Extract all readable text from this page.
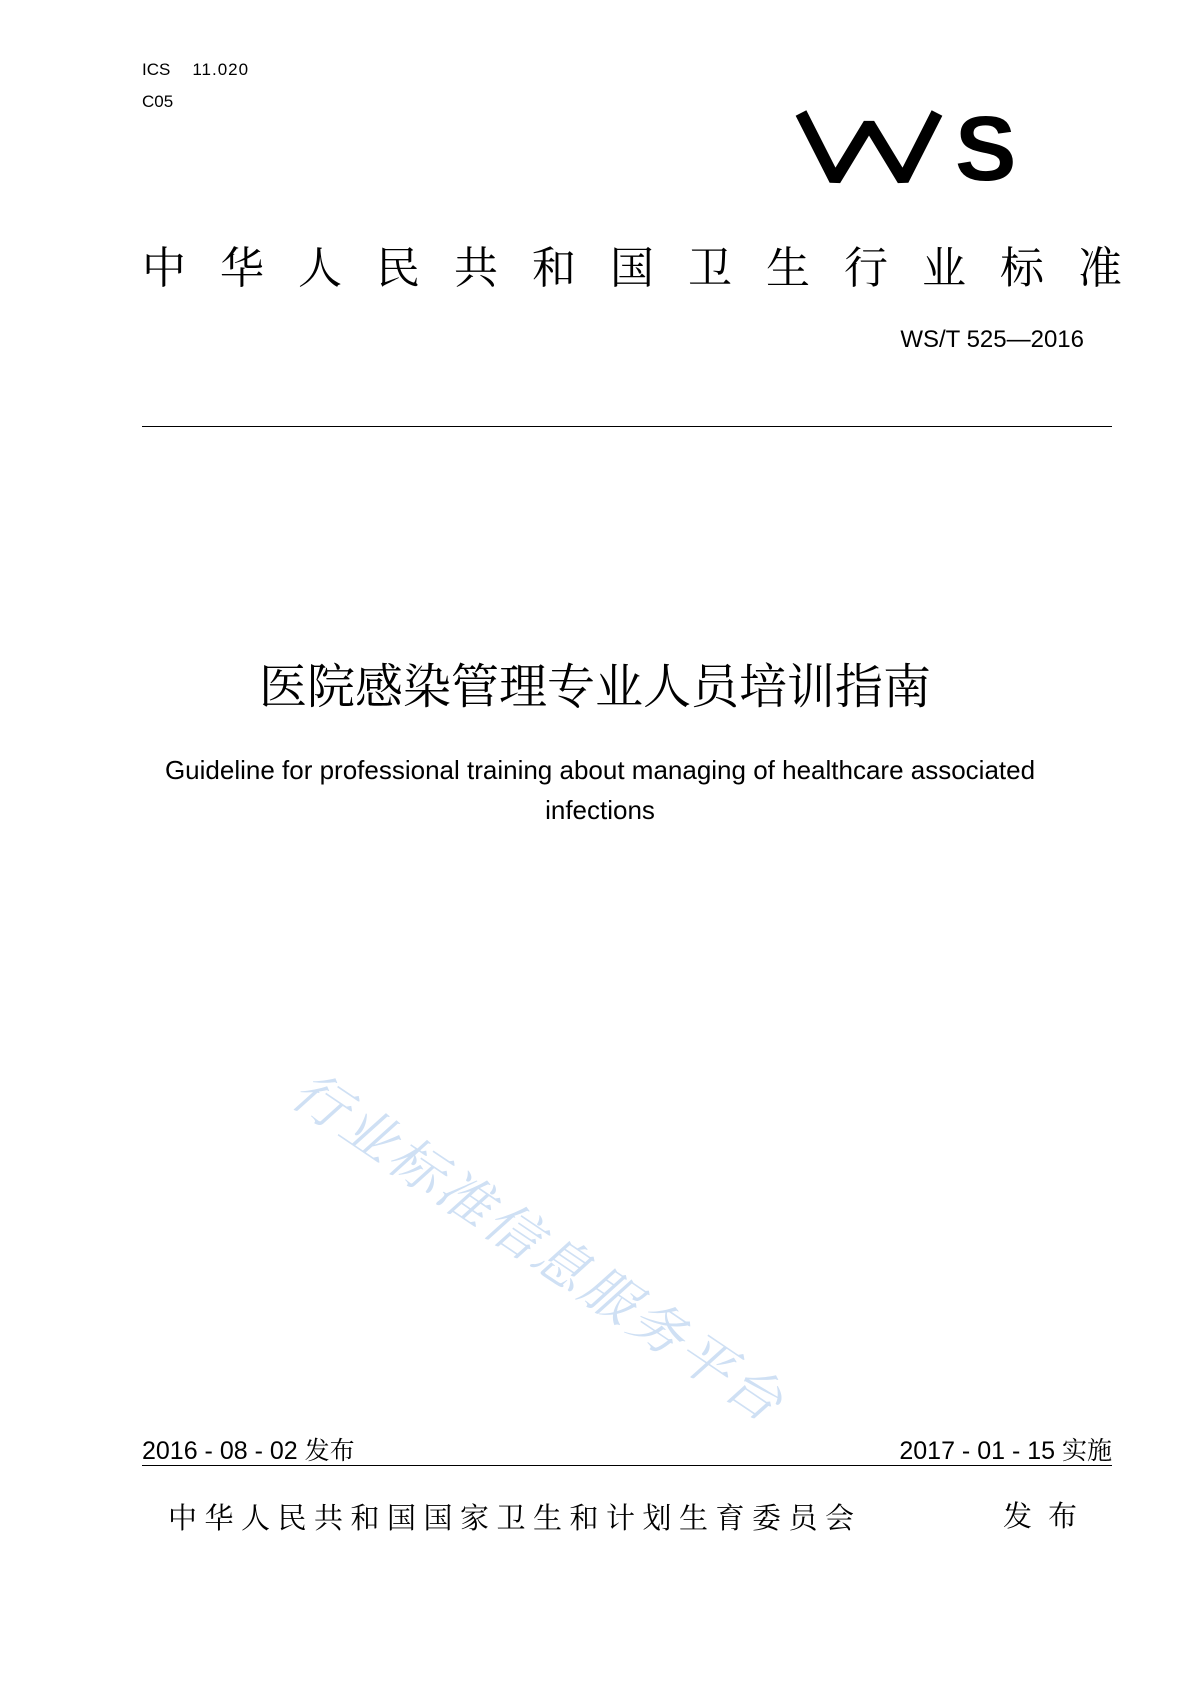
ICS 11.020
C05	S
中 华 人 民 共 和 国 卫 生 行 业 标 准
WS/T 525—2016
医院感染管理专业人员培训指南
Guideline for professional training about managing of healthcare associated
infections
行业标准信息服务平台
2016 - 08 - 02 发布	2017 - 01 - 15 实施
中华人民共和国国家卫生和计划生育委员会	发布
